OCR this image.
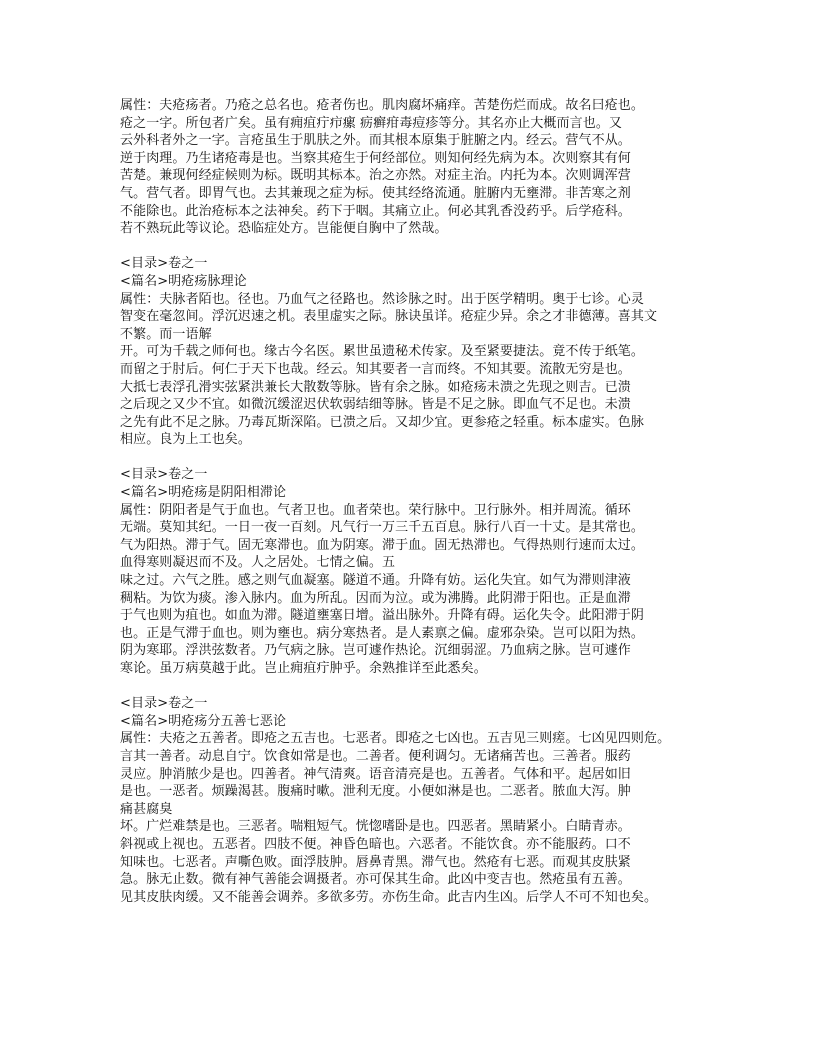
属性：夫疮疡者。乃疮之总名也。疮者伤也。肌肉腐坏痛痒。苦楚伤烂而成。故名曰疮也。
疮之一字。所包者广矣。虽有痈疽疔疖瘰 疬癣疳毒痘疹等分。其名亦止大概而言也。又
云外科者外之一字。言疮虽生于肌肤之外。而其根本原集于脏腑之内。经云。营气不从。
逆于肉理。乃生诸疮毒是也。当察其疮生于何经部位。则知何经先病为本。次则察其有何
苦楚。兼现何经症候则为标。既明其标本。治之亦然。对症主治。内托为本。次则调浑营
气。营气者。即胃气也。去其兼现之症为标。使其经络流通。脏腑内无壅滞。非苦寒之剂
不能除也。此治疮标本之法神矣。药下于咽。其痛立止。何必其乳香没药乎。后学疮科。
若不熟玩此等议论。恐临症处方。岂能便自胸中了然哉。
<目录>卷之一
<篇名>明疮疡脉理论
属性：夫脉者陌也。径也。乃血气之径路也。然诊脉之时。出于医学精明。奥于七诊。心灵
智变在毫忽间。浮沉迟速之机。表里虚实之际。脉诀虽详。疮症少异。余之才非德薄。喜其文
不繁。而一语解
开。可为千载之师何也。缘古今名医。累世虽遗秘术传家。及至紧要捷法。竟不传于纸笔。
而留之于肘后。何仁于天下也哉。经云。知其要者一言而终。不知其要。流散无穷是也。
大抵七表浮孔滑实弦紧洪兼长大散数等脉。皆有余之脉。如疮疡未溃之先现之则吉。已溃
之后现之又少不宜。如微沉缓涩迟伏软弱结细等脉。皆是不足之脉。即血气不足也。未溃
之先有此不足之脉。乃毒瓦斯深陷。已溃之后。又却少宜。更参疮之轻重。标本虚实。色脉
相应。良为上工也矣。
<目录>卷之一
<篇名>明疮疡是阴阳相滞论
属性：阴阳者是气于血也。气者卫也。血者荣也。荣行脉中。卫行脉外。相并周流。循环
无端。莫知其纪。一日一夜一百刻。凡气行一万三千五百息。脉行八百一十丈。是其常也。
气为阳热。滞于气。固无寒滞也。血为阴寒。滞于血。固无热滞也。气得热则行速而太过。
血得寒则凝迟而不及。人之居处。七情之偏。五
味之过。六气之胜。感之则气血凝塞。隧道不通。升降有妨。运化失宜。如气为滞则津液
稠粘。为饮为痰。渗入脉内。血为所乱。因而为泣。或为沸腾。此阴滞于阳也。正是血滞
于气也则为疽也。如血为滞。隧道壅塞日增。溢出脉外。升降有碍。运化失令。此阳滞于阴
也。正是气滞于血也。则为壅也。病分寒热者。是人素禀之偏。虚邪杂染。岂可以阳为热。
阴为寒耶。浮洪弦数者。乃气病之脉。岂可遽作热论。沉细弱涩。乃血病之脉。岂可遽作
寒论。虽万病莫越于此。岂止痈疽疔肿乎。余熟推详至此悉矣。
<目录>卷之一
<篇名>明疮疡分五善七恶论
属性：夫疮之五善者。即疮之五吉也。七恶者。即疮之七凶也。五吉见三则瘥。七凶见四则危。
言其一善者。动息自宁。饮食如常是也。二善者。便利调匀。无诸痛苦也。三善者。服药
灵应。肿消脓少是也。四善者。神气清爽。语音清亮是也。五善者。气体和平。起居如旧
是也。一恶者。烦躁渴甚。腹痛时嗽。泄利无度。小便如淋是也。二恶者。脓血大泻。肿
痛甚腐臭
坏。广烂难禁是也。三恶者。喘粗短气。恍惚嗜卧是也。四恶者。黑睛紧小。白睛青赤。
斜视或上视也。五恶者。四肢不便。神昏色暗也。六恶者。不能饮食。亦不能服药。口不
知味也。七恶者。声嘶色败。面浮肢肿。唇鼻青黑。滞气也。然疮有七恶。而观其皮肤紧
急。脉无止数。微有神气善能会调摄者。亦可保其生命。此凶中变吉也。然疮虽有五善。
见其皮肤肉缓。又不能善会调养。多欲多劳。亦伤生命。此吉内生凶。后学人不可不知也矣。
